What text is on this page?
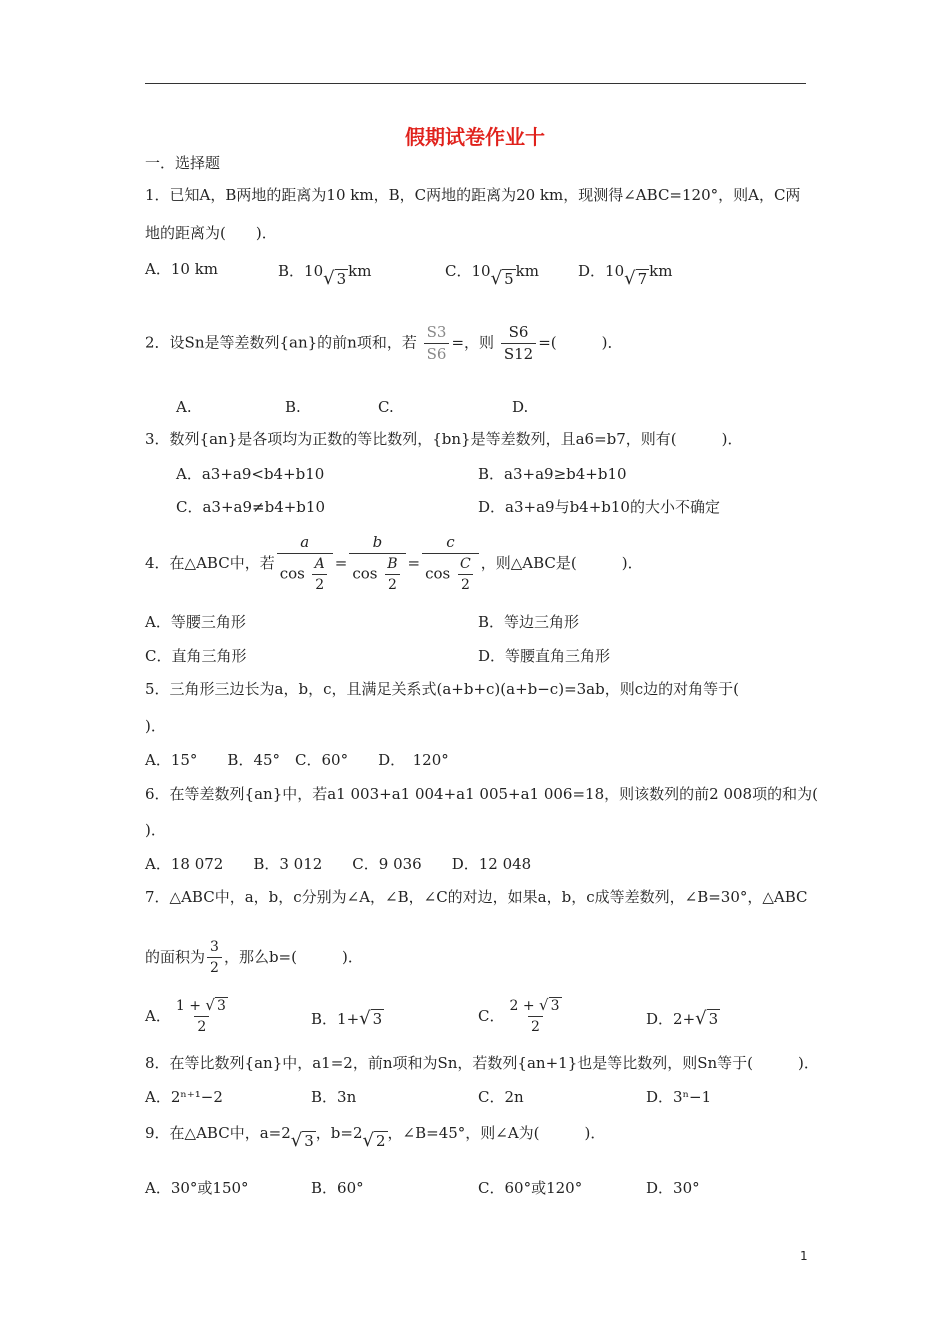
假期试卷作业十
一．选择题
1．已知A，B两地的距离为10 km，B，C两地的距离为20 km，现测得∠ABC=120°，则A，C两
地的距离为(　　)．
A．10 km	B．10√ 3 km	C．10√ 5 km	D．10√ 7 km
2．设Sn是等差数列{an}的前n项和，若 $\frac{S3}{S6}$ =，则 $\frac{S6}{S12}$ =(　　　)．
A.	B.	C.	D.
3．数列{an}是各项均为正数的等比数列，{bn}是等差数列，且a6=b7，则有(　　　)．
A．a3+a9<b4+b10	B．a3+a9≥b4+b10
C．a3+a9≠b4+b10	D．a3+a9与b4+b10的大小不确定
4．在△ABC中，若 $\frac{a}{\cos \frac{A}{2}} = \frac{b}{\cos \frac{B}{2}} = \frac{c}{\cos \frac{C}{2}}$ ，则△ABC是(　　　)．
A．等腰三角形	B．等边三角形
C．直角三角形	D．等腰直角三角形
5．三角形三边长为a，b，c，且满足关系式(a+b+c)(a+b−c)=3ab，则c边的对角等于(
)．
A．15°　　B．45°　C．60°　　D．　120°
6．在等差数列{an}中，若a1 003+a1 004+a1 005+a1 006=18，则该数列的前2 008项的和为(
)．
A．18 072　　B．3 012　　C．9 036　　D．12 048
7．△ABC中，a，b，c分别为∠A，∠B，∠C的对边，如果a，b，c成等差数列，∠B=30°，△ABC
的面积为 $\frac{3}{2}$ ，那么b=(　　　)．
A． $\frac{1 + √ 3}{2}$	B．1+√ 3	C． $\frac{2 + √ 3}{2}$	D．2+√ 3
8．在等比数列{an}中，a1=2，前n项和为Sn，若数列{an+1}也是等比数列，则Sn等于(　　　)．
A．2ⁿ⁺¹−2	B．3n	C．2n	D．3ⁿ−1
9．在△ABC中，a=2√ 3 ，b=2√ 2 ，∠B=45°，则∠A为(　　　)．
A．30°或150°	B．60°	C．60°或120°	D．30°
1
